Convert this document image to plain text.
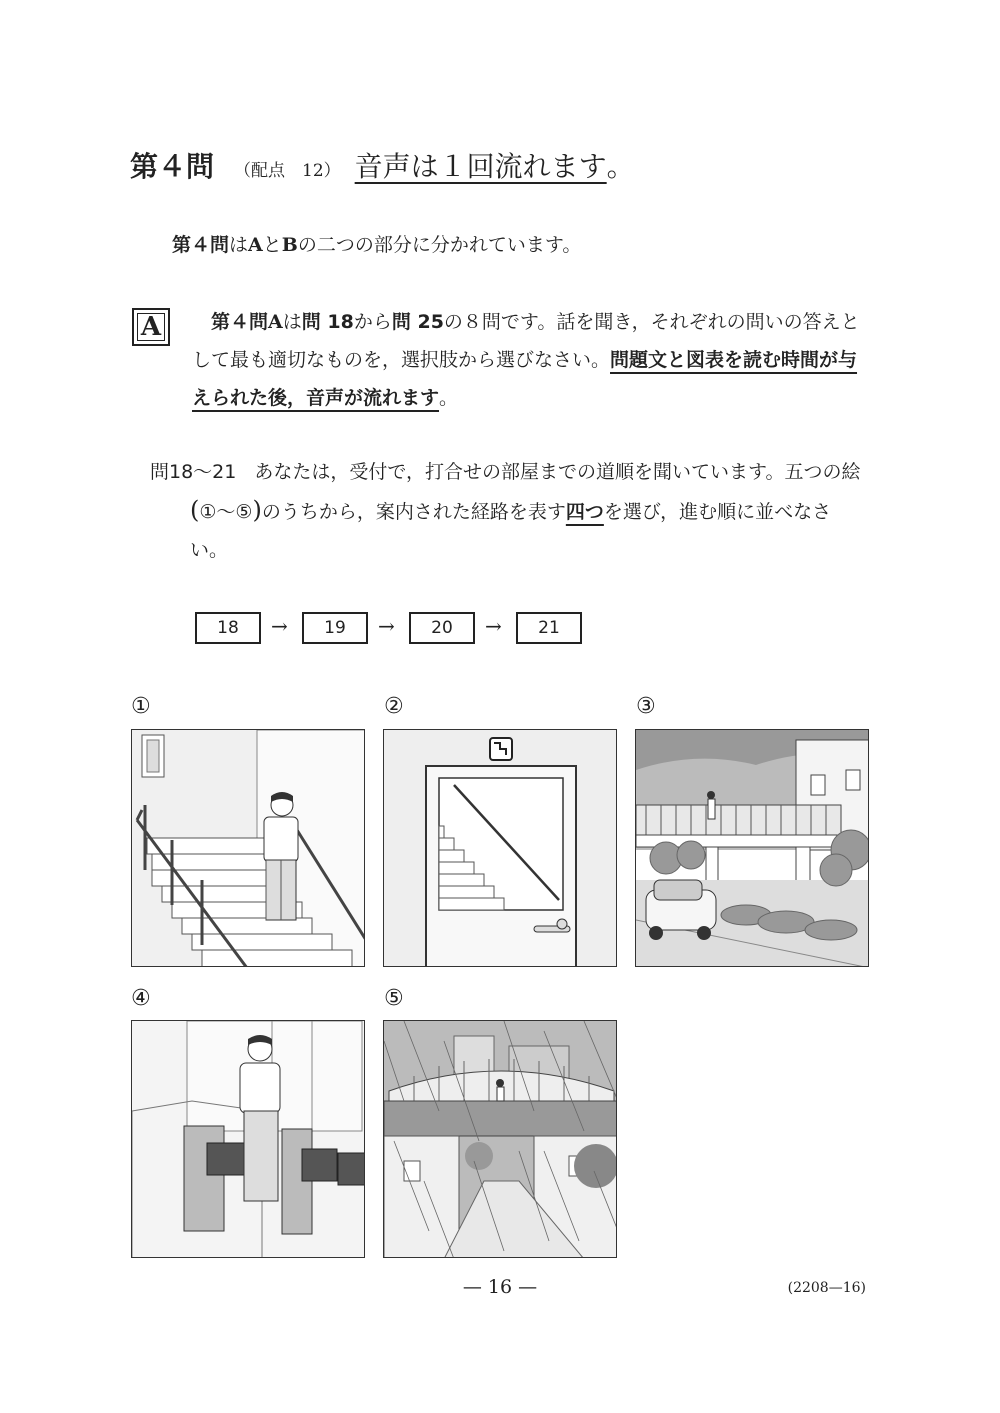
第４問 （配点　12） 音声は１回流れます。
第４問はAとBの二つの部分に分かれています。
A	第４問Aは問 18から問 25の８問です。話を聞き，それぞれの問いの答えと
して最も適切なものを，選択肢から選びなさい。問題文と図表を読む時間が与
えられた後，音声が流れます。
問18～21 あなたは，受付で，打合せの部屋までの道順を聞いています。五つの絵
(①～⑤)のうちから，案内された経路を表す四つを選び，進む順に並べなさ
い。
18	→	19	→	20	→	21
①	②	③
④	⑤
— 16 —	(2208—16)
